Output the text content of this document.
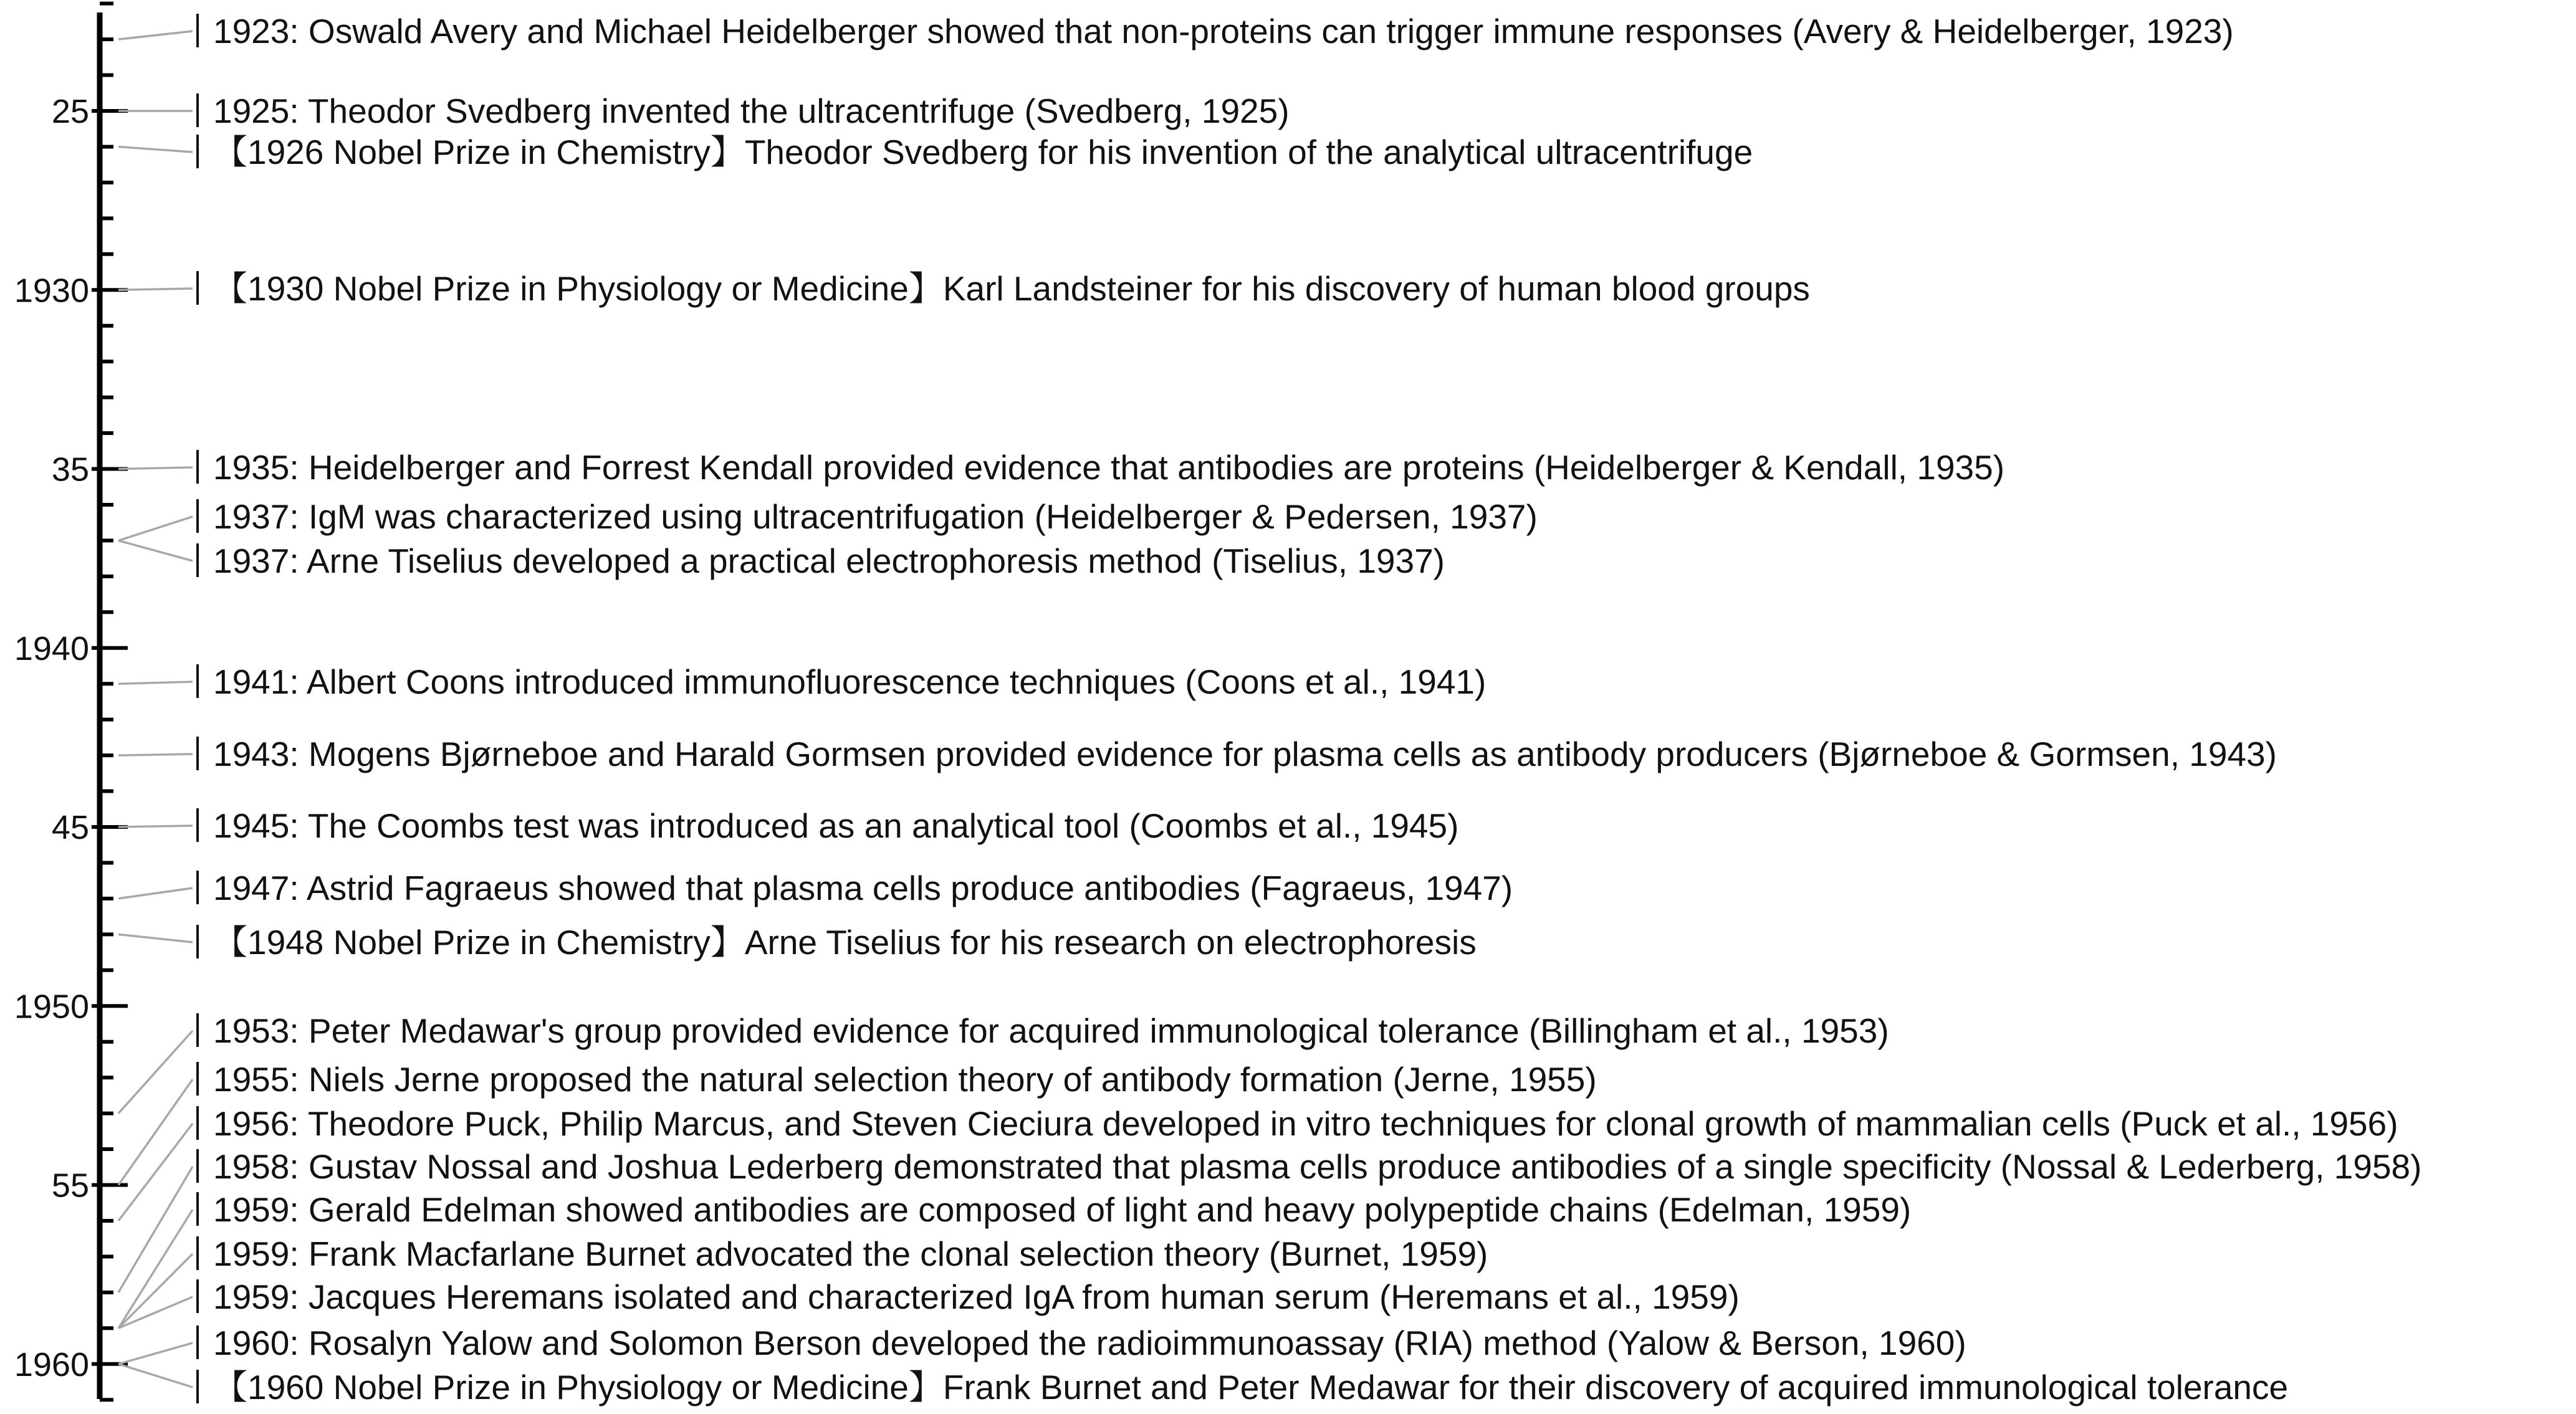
25
1930
35
1940
45
1950
55
1960
1923: Oswald Avery and Michael Heidelberger showed that non-proteins can trigger immune responses (Avery & Heidelberger, 1923)
1925: Theodor Svedberg invented the ultracentrifuge (Svedberg, 1925)
【1926 Nobel Prize in Chemistry】Theodor Svedberg for his invention of the analytical ultracentrifuge
【1930 Nobel Prize in Physiology or Medicine】Karl Landsteiner for his discovery of human blood groups
1935: Heidelberger and Forrest Kendall provided evidence that antibodies are proteins (Heidelberger & Kendall, 1935)
1937: IgM was characterized using ultracentrifugation (Heidelberger & Pedersen, 1937)
1937: Arne Tiselius developed a practical electrophoresis method (Tiselius, 1937)
1941: Albert Coons introduced immunofluorescence techniques (Coons et al., 1941)
1943: Mogens Bjørneboe and Harald Gormsen provided evidence for plasma cells as antibody producers (Bjørneboe & Gormsen, 1943)
1945: The Coombs test was introduced as an analytical tool (Coombs et al., 1945)
1947: Astrid Fagraeus showed that plasma cells produce antibodies (Fagraeus, 1947)
【1948 Nobel Prize in Chemistry】Arne Tiselius for his research on electrophoresis
1953: Peter Medawar's group provided evidence for acquired immunological tolerance (Billingham et al., 1953)
1955: Niels Jerne proposed the natural selection theory of antibody formation (Jerne, 1955)
1956: Theodore Puck, Philip Marcus, and Steven Cieciura developed in vitro techniques for clonal growth of mammalian cells (Puck et al., 1956)
1958: Gustav Nossal and Joshua Lederberg demonstrated that plasma cells produce antibodies of a single specificity (Nossal & Lederberg, 1958)
1959: Gerald Edelman showed antibodies are composed of light and heavy polypeptide chains (Edelman, 1959)
1959: Frank Macfarlane Burnet advocated the clonal selection theory (Burnet, 1959)
1959: Jacques Heremans isolated and characterized IgA from human serum (Heremans et al., 1959)
1960: Rosalyn Yalow and Solomon Berson developed the radioimmunoassay (RIA) method (Yalow & Berson, 1960)
【1960 Nobel Prize in Physiology or Medicine】Frank Burnet and Peter Medawar for their discovery of acquired immunological tolerance
